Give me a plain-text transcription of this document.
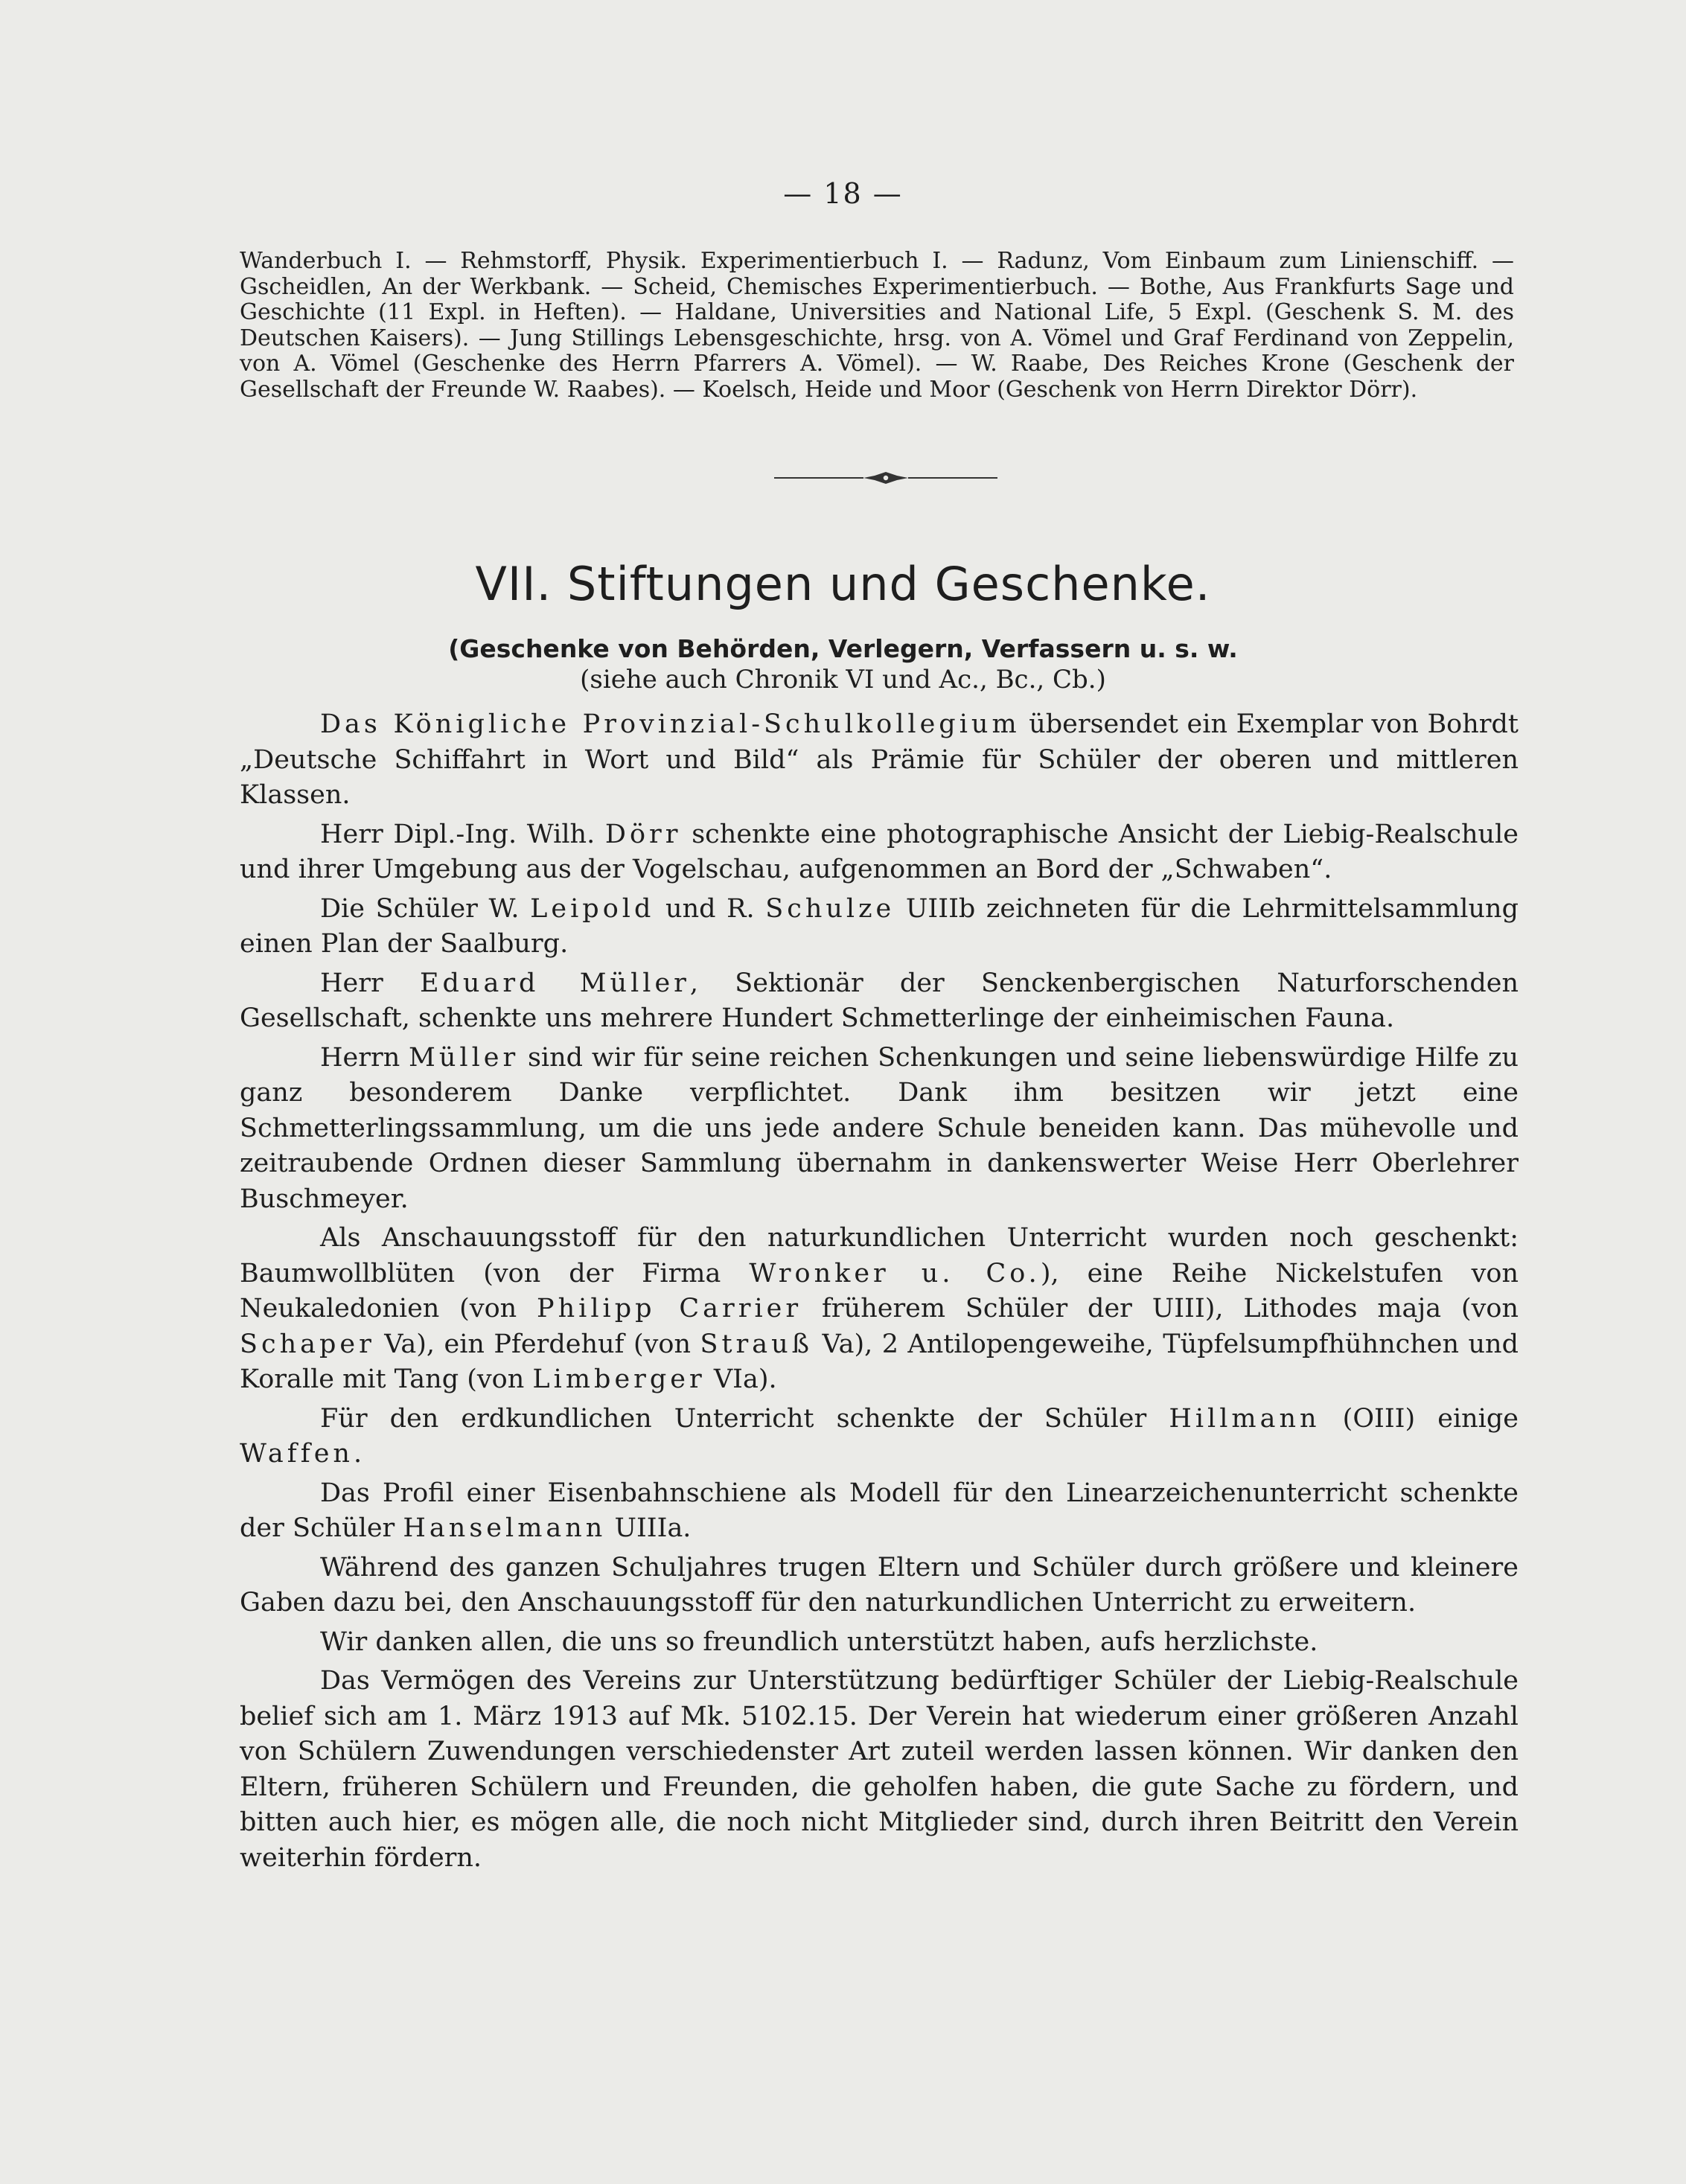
— 18 —

Wanderbuch I. — Rehmstorff, Physik. Experimentierbuch I. — Radunz, Vom Einbaum zum Linienschiff. — Gscheidlen, An der Werkbank. — Scheid, Chemisches Experimentierbuch. — Bothe, Aus Frankfurts Sage und Geschichte (11 Expl. in Heften). — Haldane, Universities and National Life, 5 Expl. (Geschenk S. M. des Deutschen Kaisers). — Jung Stillings Lebensgeschichte, hrsg. von A. Vömel und Graf Ferdinand von Zeppelin, von A. Vömel (Geschenke des Herrn Pfarrers A. Vömel). — W. Raabe, Des Reiches Krone (Geschenk der Gesellschaft der Freunde W. Raabes). — Koelsch, Heide und Moor (Geschenk von Herrn Direktor Dörr).

VII. Stiftungen und Geschenke.
(Geschenke von Behörden, Verlegern, Verfassern u. s. w.
(siehe auch Chronik VI und Ac., Bc., Cb.)

Das Königliche Provinzial-Schulkollegium übersendet ein Exemplar von Bohrdt „Deutsche Schiffahrt in Wort und Bild“ als Prämie für Schüler der oberen und mittleren Klassen.

Herr Dipl.-Ing. Wilh. Dörr schenkte eine photographische Ansicht der Liebig-Realschule und ihrer Umgebung aus der Vogelschau, aufgenommen an Bord der „Schwaben“.

Die Schüler W. Leipold und R. Schulze UIIIb zeichneten für die Lehrmittelsammlung einen Plan der Saalburg.

Herr Eduard Müller, Sektionär der Senckenbergischen Naturforschenden Gesellschaft, schenkte uns mehrere Hundert Schmetterlinge der einheimischen Fauna.

Herrn Müller sind wir für seine reichen Schenkungen und seine liebenswürdige Hilfe zu ganz besonderem Danke verpflichtet. Dank ihm besitzen wir jetzt eine Schmetterlingssammlung, um die uns jede andere Schule beneiden kann. Das mühevolle und zeitraubende Ordnen dieser Sammlung übernahm in dankenswerter Weise Herr Oberlehrer Buschmeyer.

Als Anschauungsstoff für den naturkundlichen Unterricht wurden noch geschenkt: Baumwollblüten (von der Firma Wronker u. Co.), eine Reihe Nickelstufen von Neukaledonien (von Philipp Carrier früherem Schüler der UIII), Lithodes maja (von Schaper Va), ein Pferdehuf (von Strauß Va), 2 Antilopengeweihe, Tüpfelsumpfhühnchen und Koralle mit Tang (von Limberger VIa).

Für den erdkundlichen Unterricht schenkte der Schüler Hillmann (OIII) einige Waffen.

Das Profil einer Eisenbahnschiene als Modell für den Linearzeichenunterricht schenkte der Schüler Hanselmann UIIIa.

Während des ganzen Schuljahres trugen Eltern und Schüler durch größere und kleinere Gaben dazu bei, den Anschauungsstoff für den naturkundlichen Unterricht zu erweitern.

Wir danken allen, die uns so freundlich unterstützt haben, aufs herzlichste.

Das Vermögen des Vereins zur Unterstützung bedürftiger Schüler der Liebig-Realschule belief sich am 1. März 1913 auf Mk. 5102.15. Der Verein hat wiederum einer größeren Anzahl von Schülern Zuwendungen verschiedenster Art zuteil werden lassen können. Wir danken den Eltern, früheren Schülern und Freunden, die geholfen haben, die gute Sache zu fördern, und bitten auch hier, es mögen alle, die noch nicht Mitglieder sind, durch ihren Beitritt den Verein weiterhin fördern.
